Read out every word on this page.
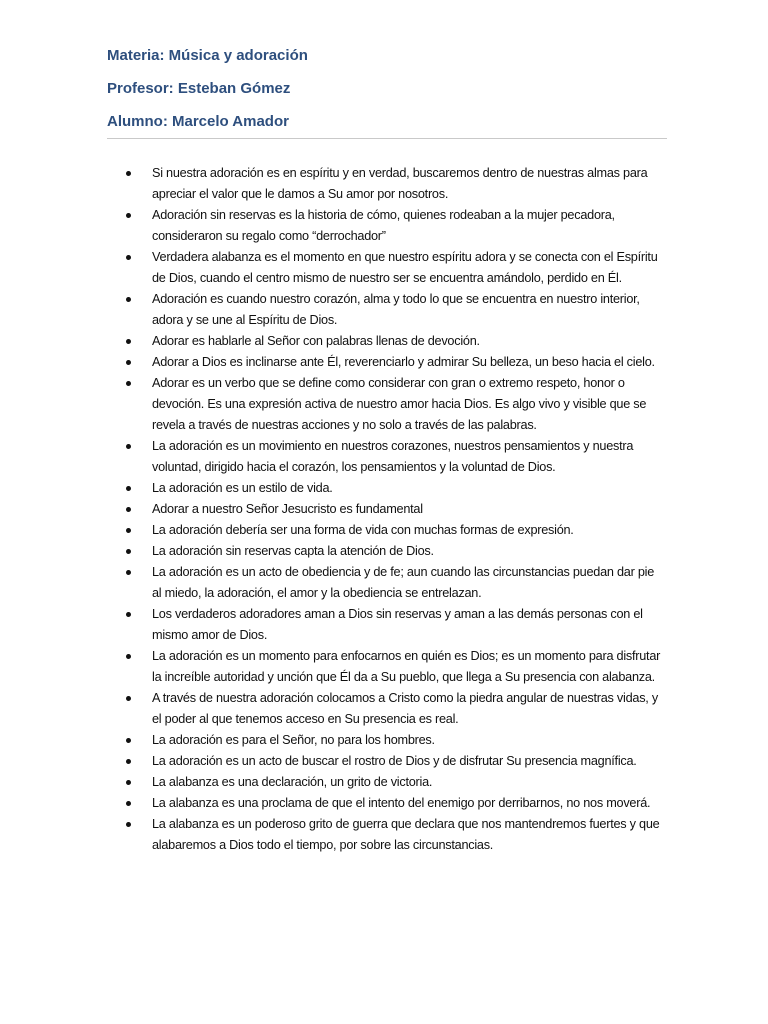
Materia: Música y adoración
Profesor: Esteban Gómez
Alumno: Marcelo Amador
Si nuestra adoración es en espíritu y en verdad, buscaremos dentro de nuestras almas para apreciar el valor que le damos a Su amor por nosotros.
Adoración sin reservas es la historia de cómo, quienes rodeaban a la mujer pecadora, consideraron su regalo como “derrochador”
Verdadera alabanza es el momento en que nuestro espíritu adora y se conecta con el Espíritu de Dios, cuando el centro mismo de nuestro ser se encuentra amándolo, perdido en Él.
Adoración es cuando nuestro corazón, alma y todo lo que se encuentra en nuestro interior, adora y se une al Espíritu de Dios.
Adorar es hablarle al Señor con palabras llenas de devoción.
Adorar a Dios es inclinarse ante Él, reverenciarlo y admirar Su belleza, un beso hacia el cielo.
Adorar es un verbo que se define como considerar con gran o extremo respeto, honor o devoción. Es una expresión activa de nuestro amor hacia Dios. Es algo vivo y visible que se revela a través de nuestras acciones y no solo a través de las palabras.
La adoración es un movimiento en nuestros corazones, nuestros pensamientos y nuestra voluntad, dirigido hacia el corazón, los pensamientos y la voluntad de Dios.
La adoración es un estilo de vida.
Adorar a nuestro Señor Jesucristo es fundamental
La adoración debería ser una forma de vida con muchas formas de expresión.
La adoración sin reservas capta la atención de Dios.
La adoración es un acto de obediencia y de fe; aun cuando las circunstancias puedan dar pie al miedo, la adoración, el amor y la obediencia se entrelazan.
Los verdaderos adoradores aman a Dios sin reservas y aman a las demás personas con el mismo amor de Dios.
La adoración es un momento para enfocarnos en quién es Dios; es un momento para disfrutar la increíble autoridad y unción que Él da a Su pueblo, que llega a Su presencia con alabanza.
A través de nuestra adoración colocamos a Cristo como la piedra angular de nuestras vidas, y el poder al que tenemos acceso en Su presencia es real.
La adoración es para el Señor, no para los hombres.
La adoración es un acto de buscar el rostro de Dios y de disfrutar Su presencia magnífica.
La alabanza es una declaración, un grito de victoria.
La alabanza es una proclama de que el intento del enemigo por derribarnos, no nos moverá.
La alabanza es un poderoso grito de guerra que declara que nos mantendremos fuertes y que alabaremos a Dios todo el tiempo, por sobre las circunstancias.
